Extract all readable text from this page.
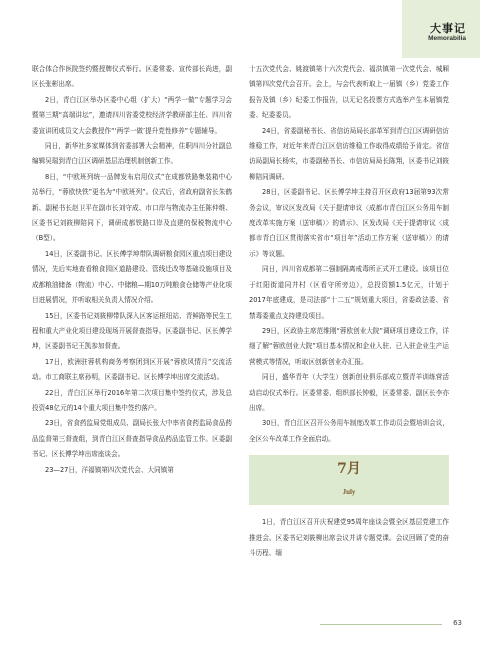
大事记
Memorabilia

联合体合作医院签约暨授牌仪式举行。区委常委、宣传部长尚进，副区长张彬出席。

2日，青白江区举办区委中心组（扩大）“两学一做”专题学习会暨第三期“高端讲坛”，邀请四川省委党校经济学教研部主任、四川省委宣讲团成员文大会教授作“‘两学一做’提升党性修养”专题辅导。

同日，新华社多家媒体到省委部署大会精神，住职四川分社副总编辑吴瑞到青白江区调研基层治理机制创新工作。

8日，“中欧班列统一品牌发布启用仪式”在成都铁路集装箱中心站举行，“蓉欧快铁”更名为“中欧班列”。仪式后，省政府副省长朱鹤新、副秘书长赵卫平在副市长刘守成、市口岸与物流办主任陈仲维、区委书记刘筱柳陪同下，调研成都铁路口岸及直建的保税物流中心（B型）。

14日，区委副书记、区长傅学坤带队调研粮食园区重点项目建设情况，先后实地查看粮食园区道路建设、管线迁改等基础设施项目及成都粮油储备（物流）中心、中储粮—期10万吨粮食仓储等产业化项目进展情况，并听取相关负责人情况介绍。

15日，区委书记刘筱柳带队深入区客运枢纽站、青鲜路等民生工程和重大产业化项目建设现场开展督查指导。区委副书记、区长傅学坤，区委副书记王凯参加督查。

17日，欧洲驻蓉机构商务考察团到区开展“蓉欧风情月”交流活动。市工商联主席孙明，区委副书记、区长傅学坤出席交流活动。

22日，青白江区举行2016年第二次项目集中签约仪式，涉及总投资48亿元的14个重大项目集中签约落户。

23日，省食药监局党组成员、副局长张大中率省食药监局食品药品监督第三督查组，到青白江区督查指导食品药品监管工作。区委副书记、区长傅学坤出席座谈会。

23—27日，洋福镇第四次党代会、大同镇第

十五次党代会、姚渡镇第十六次党代会、福洪镇第一次党代会、城厢镇第四次党代会召开。会上，与会代表听取上一届镇（乡）党委工作报告及镇（乡）纪委工作报告，以无记名投票方式选举产生本届镇党委、纪委委员。

24日，省委副秘书长、省信访局局长邵革军到青白江区调研信访维稳工作，对近年来青白江区信访维稳工作取得成绩给予肯定。省信访局副局长杨实，市委副秘书长、市信访局局长陈翔，区委书记刘筱柳陪同调研。

28日，区委副书记、区长傅学坤主持召开区政府13届第93次常务会议，审议区发改局《关于提请审议〈成都市青白江区公务用车制度改革实施方案（送审稿）〉的请示》、区发改局《关于提请审议〈成都市青白江区贯彻落实省市“项目年”活动工作方案（送审稿）〉的请示》等议题。

同日，四川省成都第二强制隔离戒毒所正式开工建设。该项目位于红阳街道同井村（区看守所旁边），总投资额1.5亿元，计划于2017年底建成，是司法部“十二五”规划重大项目，省委政法委、省禁毒委重点支持建设项目。

29日，区政协主席范维刚“蓉欧创业大院”调研项目建设工作，详细了解“蓉欧创业大院”项目基本情况和企业入驻、已入驻企业生产运营模式等情况，听取区创新创业办汇报。

同日，盛华青年（大学生）创新创业俱乐部成立暨青羊训练营活动启动仪式举行。区委常委、组织部长钟毅，区委常委、副区长李亦出席。

30日，青白江区召开公务用车制度改革工作动员会暨培训会议，全区公车改革工作全面启动。

7月
July

1日，青白江区召开庆祝建党95周年座谈会暨全区基层党建工作推进会。区委书记刘筱柳出席会议并讲专题党课。会议回顾了党的奋斗历程、缅

63
